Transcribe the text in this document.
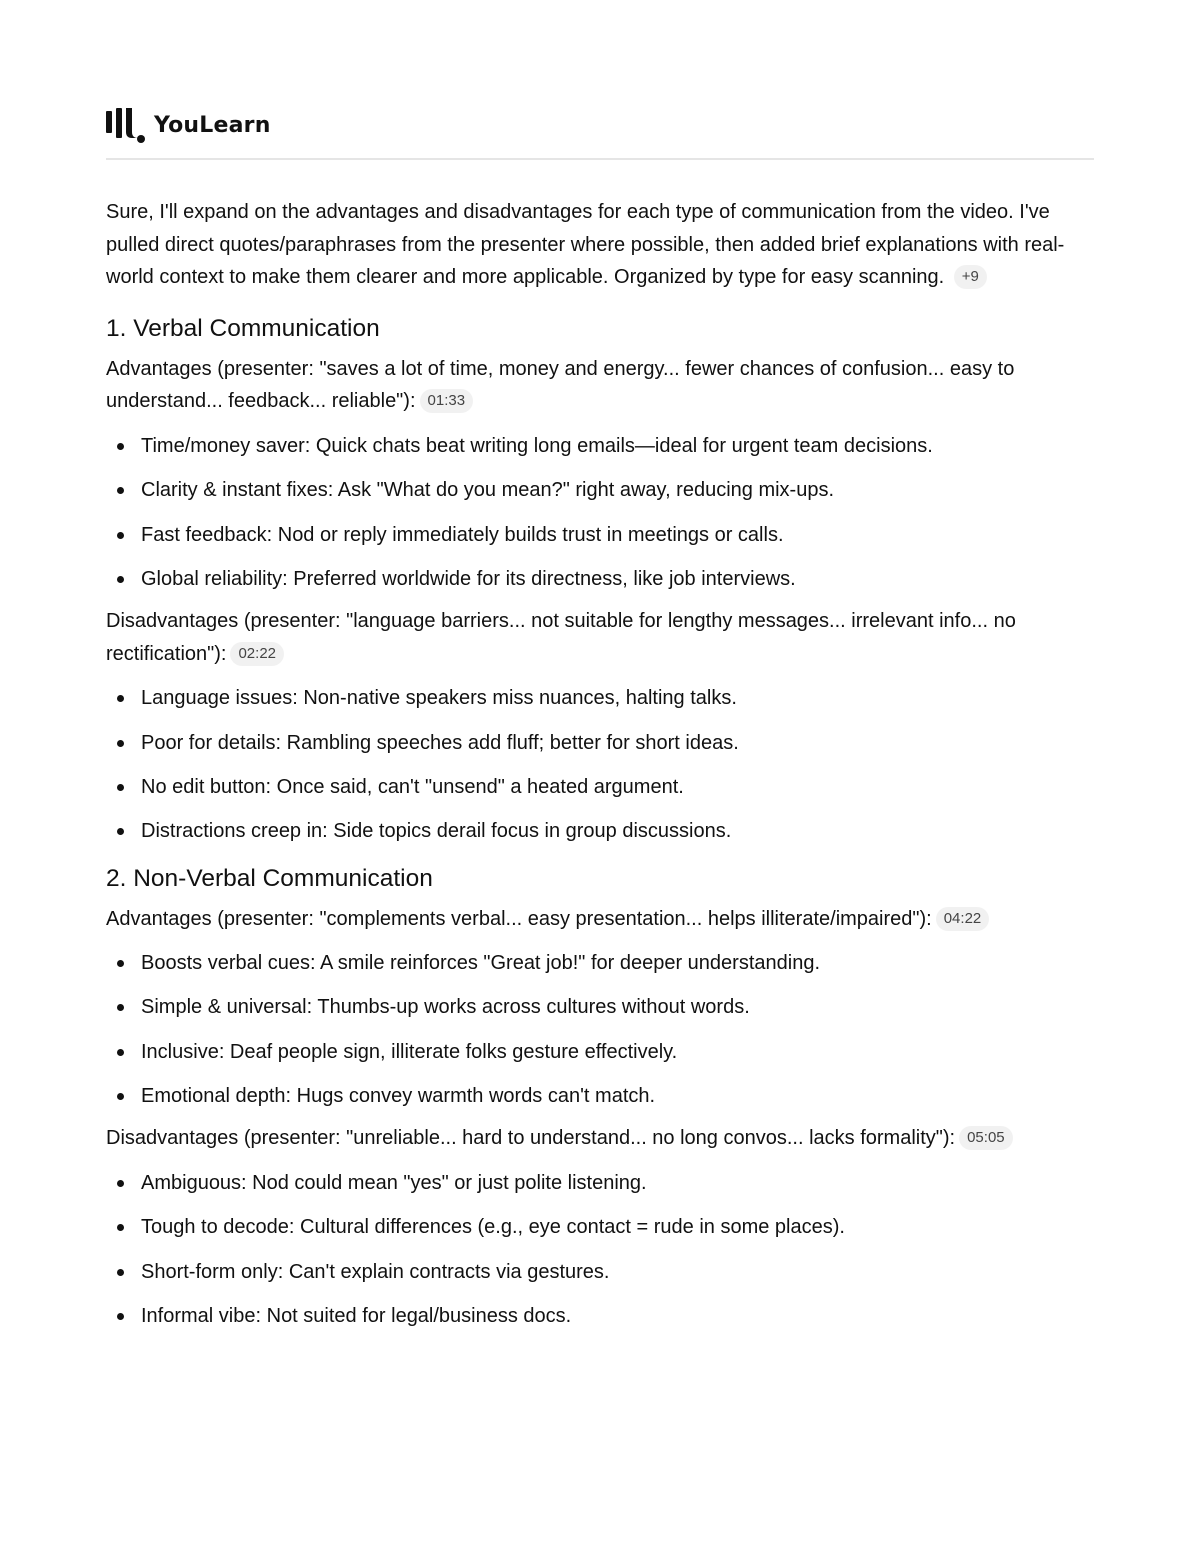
YouLearn

Sure, I'll expand on the advantages and disadvantages for each type of communication from the video. I've pulled direct quotes/paraphrases from the presenter where possible, then added brief explanations with real-world context to make them clearer and more applicable. Organized by type for easy scanning. +9

1. Verbal Communication

Advantages (presenter: "saves a lot of time, money and energy... fewer chances of confusion... easy to understand... feedback... reliable"): 01:33

Time/money saver: Quick chats beat writing long emails—ideal for urgent team decisions.
Clarity & instant fixes: Ask "What do you mean?" right away, reducing mix-ups.
Fast feedback: Nod or reply immediately builds trust in meetings or calls.
Global reliability: Preferred worldwide for its directness, like job interviews.

Disadvantages (presenter: "language barriers... not suitable for lengthy messages... irrelevant info... no rectification"): 02:22

Language issues: Non-native speakers miss nuances, halting talks.
Poor for details: Rambling speeches add fluff; better for short ideas.
No edit button: Once said, can't "unsend" a heated argument.
Distractions creep in: Side topics derail focus in group discussions.
2. Non-Verbal Communication

Advantages (presenter: "complements verbal... easy presentation... helps illiterate/impaired"): 04:22

Boosts verbal cues: A smile reinforces "Great job!" for deeper understanding.
Simple & universal: Thumbs-up works across cultures without words.
Inclusive: Deaf people sign, illiterate folks gesture effectively.
Emotional depth: Hugs convey warmth words can't match.

Disadvantages (presenter: "unreliable... hard to understand... no long convos... lacks formality"): 05:05

Ambiguous: Nod could mean "yes" or just polite listening.
Tough to decode: Cultural differences (e.g., eye contact = rude in some places).
Short-form only: Can't explain contracts via gestures.
Informal vibe: Not suited for legal/business docs.
